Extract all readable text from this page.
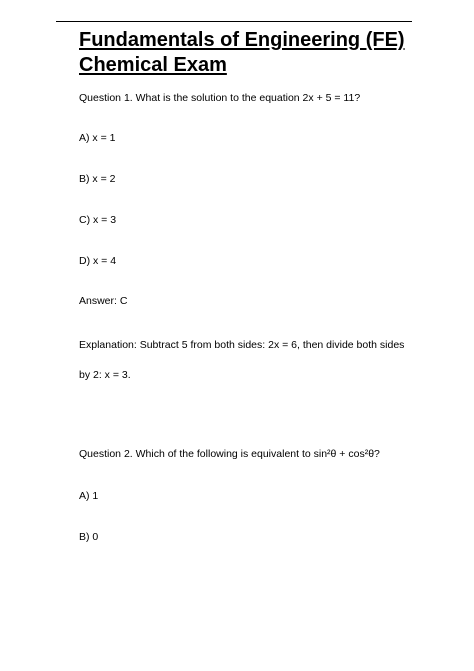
Fundamentals of Engineering (FE)
Chemical Exam

Question 1. What is the solution to the equation 2x + 5 = 11?

A) x = 1

B) x = 2

C) x = 3

D) x = 4

Answer: C

Explanation: Subtract 5 from both sides: 2x = 6, then divide both sides

by 2: x = 3.

Question 2. Which of the following is equivalent to sin²θ + cos²θ?

A) 1

B) 0
